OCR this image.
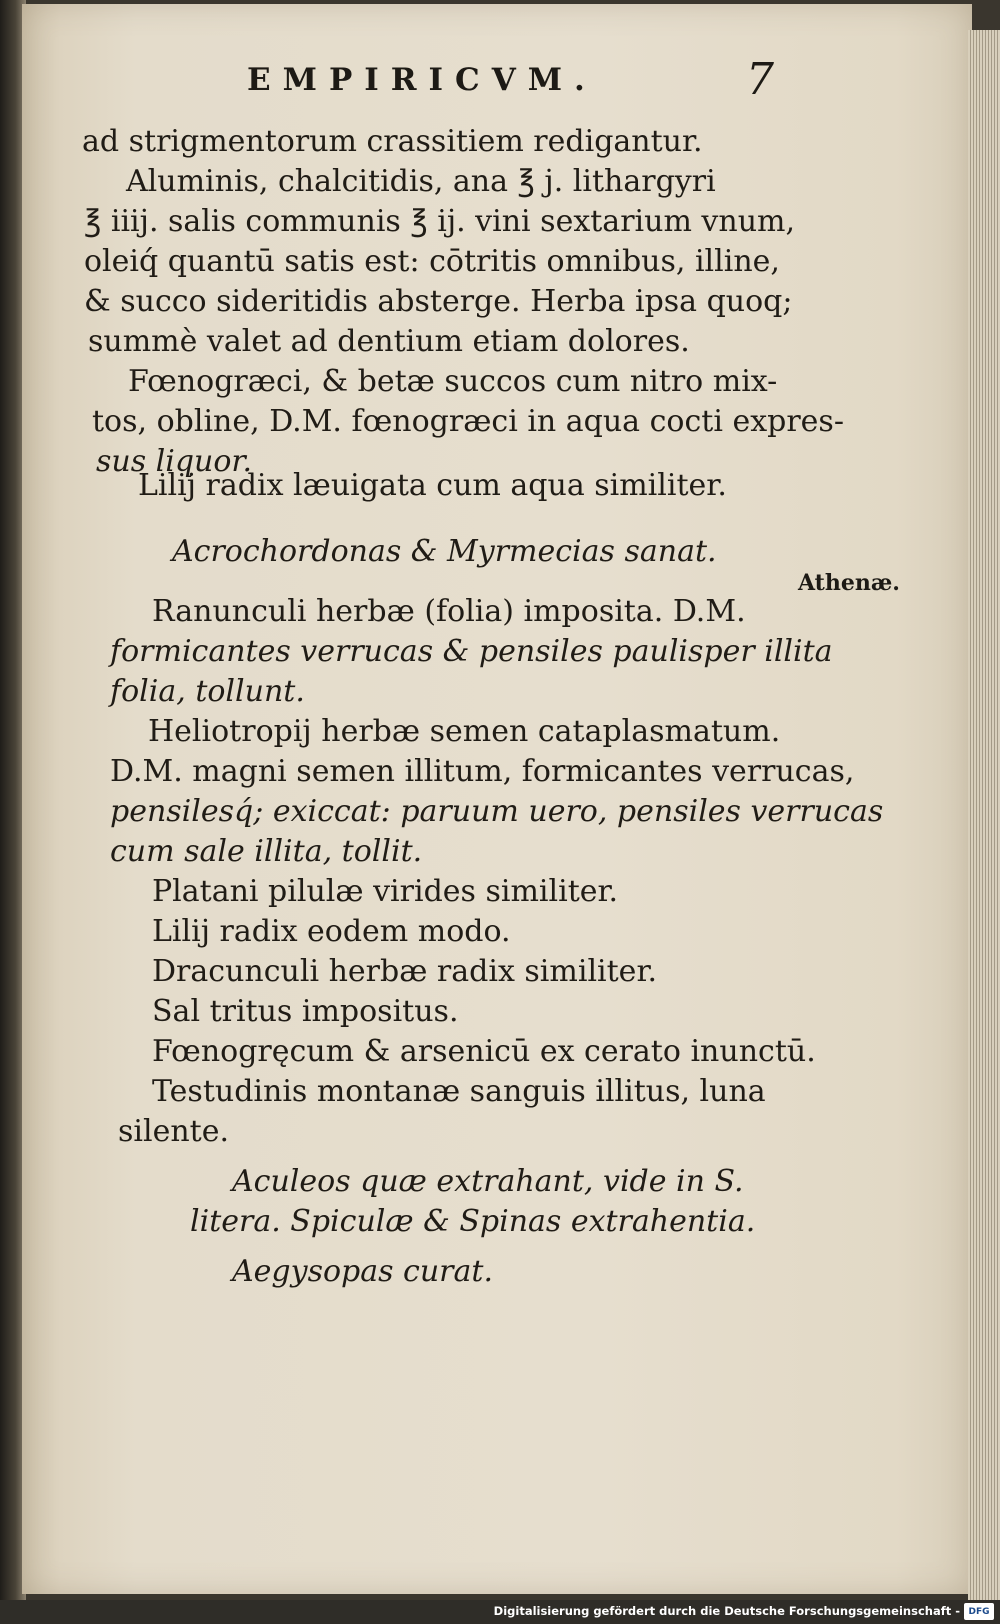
EMPIRICVM.	7
ad strigmentorum crassitiem redigantur.
Aluminis, chalcitidis, ana ℥ j. lithargyri
℥ iiij. salis communis ℥ ij. vini sextarium vnum,
oleiq́ quantū satis est: cōtritis omnibus, illine,
& succo sideritidis absterge. Herba ipsa quoq;
summè valet ad dentium etiam dolores.
Fœnogræci, & betæ succos cum nitro mix-
tos, obline, D.M. fœnogræci in aqua cocti expres-
sus liquor.
Lilij radix læuigata cum aqua similiter.
Acrochordonas & Myrmecias sanat.
Ranunculi herbæ (folia) imposita. D.M.
Athenæ.
formicantes verrucas & pensiles paulisper illita
folia, tollunt.
Heliotropij herbæ semen cataplasmatum.
D.M. magni semen illitum, formicantes verrucas,
pensilesq́; exiccat: paruum uero, pensiles verrucas
cum sale illita, tollit.
Platani pilulæ virides similiter.
Lilij radix eodem modo.
Dracunculi herbæ radix similiter.
Sal tritus impositus.
Fœnogręcum & arsenicū ex cerato inunctū.
Testudinis montanæ sanguis illitus, luna
silente.
Aculeos quæ extrahant, vide in S.
litera. Spiculæ & Spinas extrahentia.
Aegysopas curat.
Digitalisierung gefördert durch die Deutsche Forschungsgemeinschaft - DFG
